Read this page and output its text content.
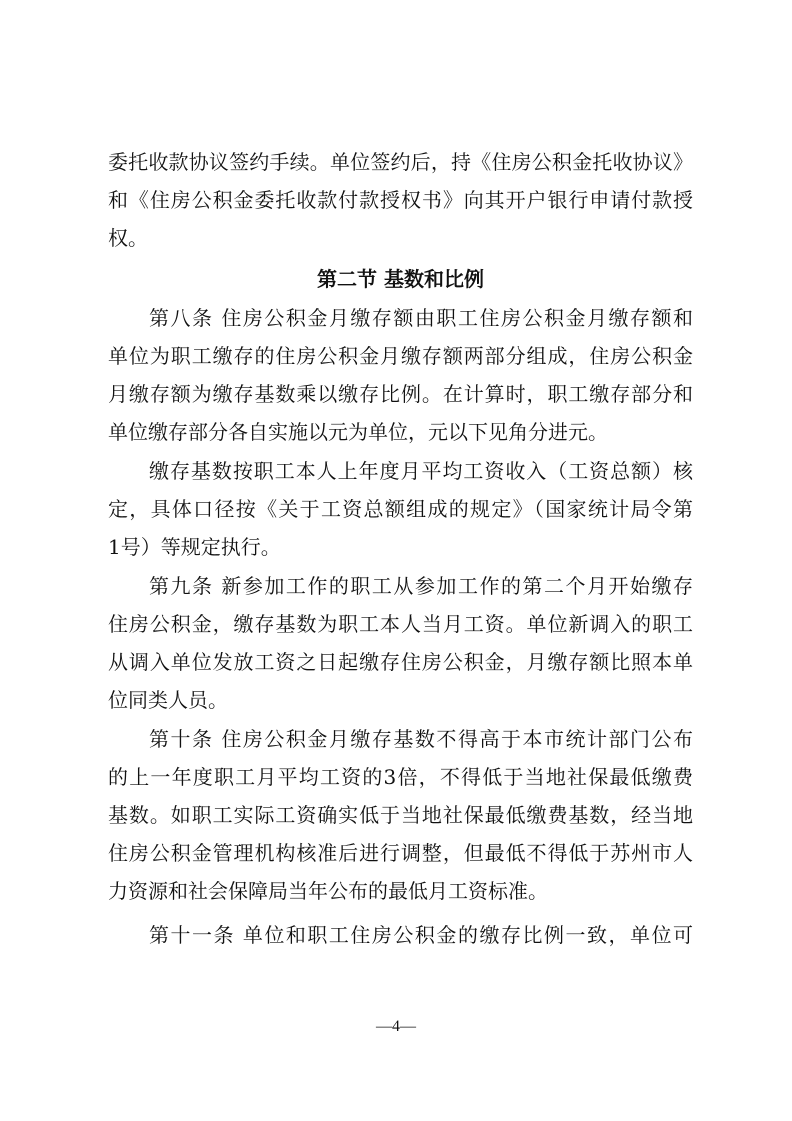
委托收款协议签约手续。单位签约后，持《住房公积金托收协议》
和《住房公积金委托收款付款授权书》向其开户银行申请付款授
权。
第二节 基数和比例
第八条 住房公积金月缴存额由职工住房公积金月缴存额和
单位为职工缴存的住房公积金月缴存额两部分组成，住房公积金
月缴存额为缴存基数乘以缴存比例。在计算时，职工缴存部分和
单位缴存部分各自实施以元为单位，元以下见角分进元。
缴存基数按职工本人上年度月平均工资收入（工资总额）核
定，具体口径按《关于工资总额组成的规定》（国家统计局令第
1号）等规定执行。
第九条 新参加工作的职工从参加工作的第二个月开始缴存
住房公积金，缴存基数为职工本人当月工资。单位新调入的职工
从调入单位发放工资之日起缴存住房公积金，月缴存额比照本单
位同类人员。
第十条 住房公积金月缴存基数不得高于本市统计部门公布
的上一年度职工月平均工资的3倍，不得低于当地社保最低缴费
基数。如职工实际工资确实低于当地社保最低缴费基数，经当地
住房公积金管理机构核准后进行调整，但最低不得低于苏州市人
力资源和社会保障局当年公布的最低月工资标准。
第十一条 单位和职工住房公积金的缴存比例一致，单位可
—4—
